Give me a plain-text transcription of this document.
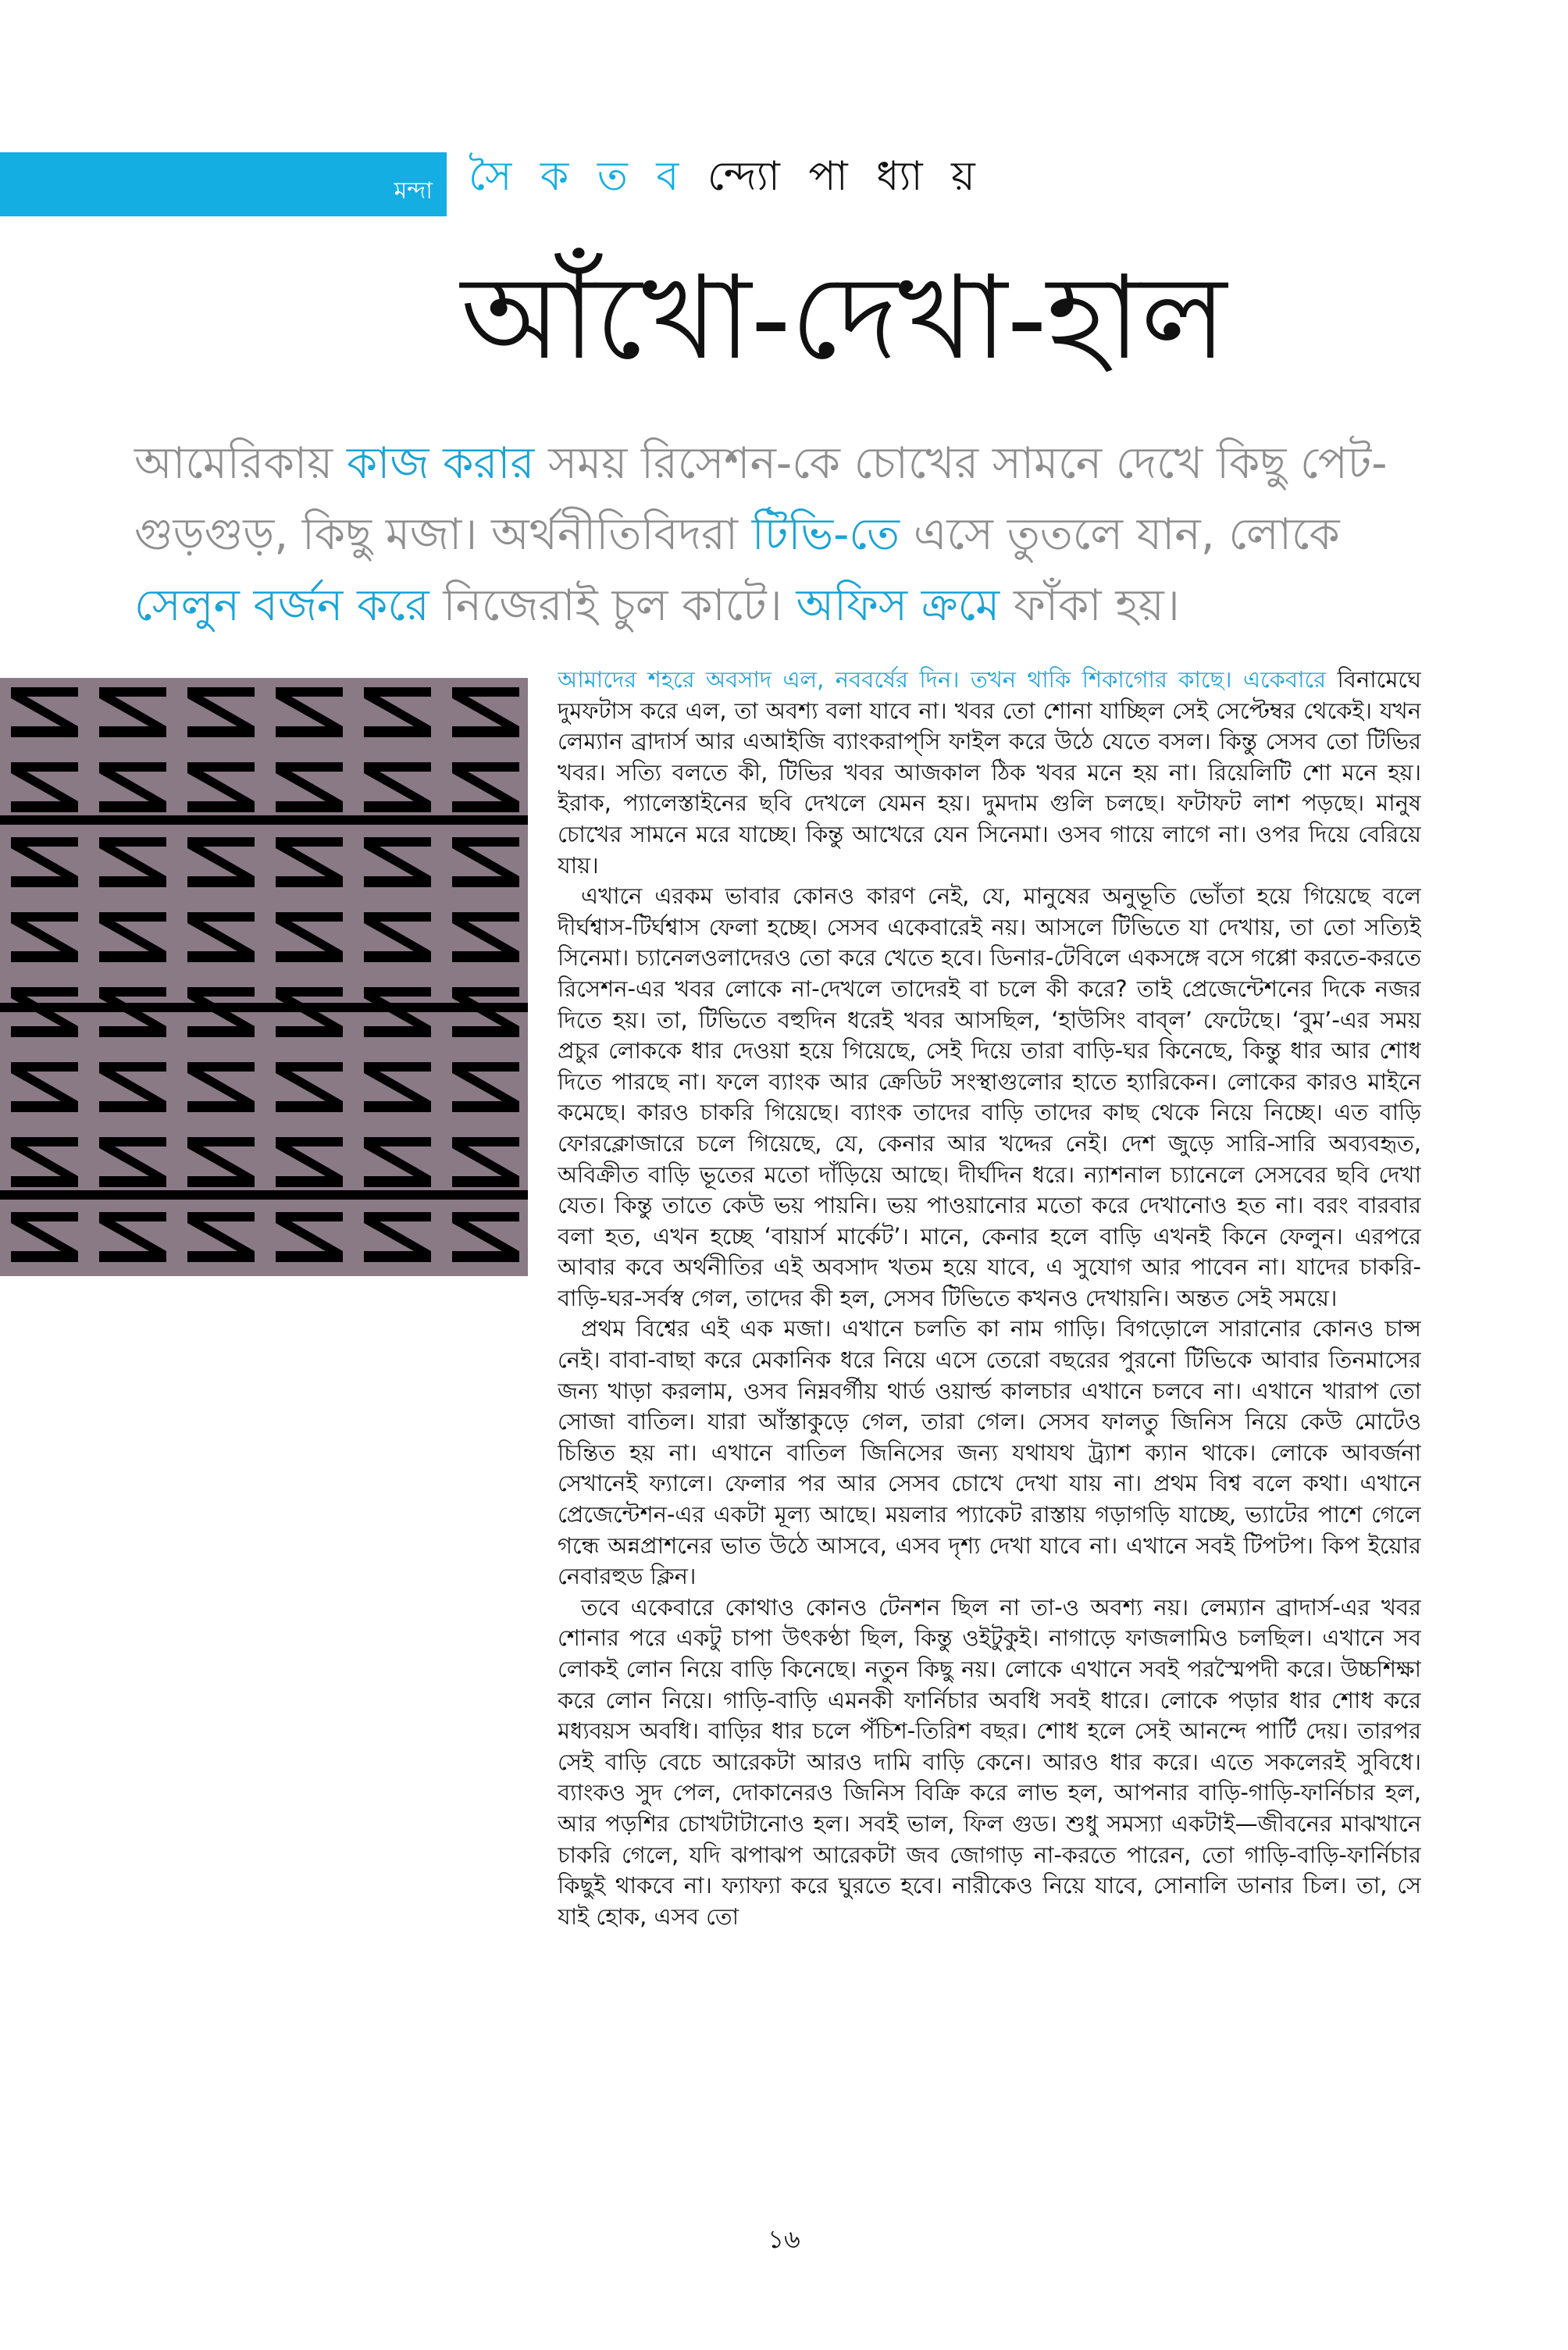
মন্দা সৈ ক ত ব ন্দ্যো পা ধ্যা য়
আঁখো-দেখা-হাল
আমেরিকায় কাজ করার সময় রিসেশন-কে চোখের সামনে দেখে কিছু পেট-গুড়গুড়, কিছু মজা। অর্থনীতিবিদরা টিভি-তে এসে তুতলে যান, লোকে সেলুন বর্জন করে নিজেরাই চুল কাটে। অফিস ক্রমে ফাঁকা হয়।

আমাদের শহরে অবসাদ এল, নববর্ষের দিন। তখন থাকি শিকাগোর কাছে। একেবারে বিনামেঘে দুমফটাস করে এল, তা অবশ্য বলা যাবে না। খবর তো শোনা যাচ্ছিল সেই সেপ্টেম্বর থেকেই। যখন লেম্যান ব্রাদার্স আর এআইজি ব্যাংকরাপ্‌সি ফাইল করে উঠে যেতে বসল। কিন্তু সেসব তো টিভির খবর। সত্যি বলতে কী, টিভির খবর আজকাল ঠিক খবর মনে হয় না। রিয়েলিটি শো মনে হয়। ইরাক, প্যালেস্তাইনের ছবি দেখলে যেমন হয়। দুমদাম গুলি চলছে। ফটাফট লাশ পড়ছে। মানুষ চোখের সামনে মরে যাচ্ছে। কিন্তু আখেরে যেন সিনেমা। ওসব গায়ে লাগে না। ওপর দিয়ে বেরিয়ে যায়।

এখানে এরকম ভাবার কোনও কারণ নেই, যে, মানুষের অনুভূতি ভোঁতা হয়ে গিয়েছে বলে দীর্ঘশ্বাস-টির্ঘশ্বাস ফেলা হচ্ছে। সেসব একেবারেই নয়। আসলে টিভিতে যা দেখায়, তা তো সত্যিই সিনেমা। চ্যানেলওলাদেরও তো করে খেতে হবে। ডিনার-টেবিলে একসঙ্গে বসে গপ্পো করতে-করতে রিসেশন-এর খবর লোকে না-দেখলে তাদেরই বা চলে কী করে? তাই প্রেজেন্টেশনের দিকে নজর দিতে হয়। তা, টিভিতে বহুদিন ধরেই খবর আসছিল, ‘হাউসিং বাব্‌ল’ ফেটেছে। ‘বুম’-এর সময় প্রচুর লোককে ধার দেওয়া হয়ে গিয়েছে, সেই দিয়ে তারা বাড়ি-ঘর কিনেছে, কিন্তু ধার আর শোধ দিতে পারছে না। ফলে ব্যাংক আর ক্রেডিট সংস্থাগুলোর হাতে হ্যারিকেন। লোকের কারও মাইনে কমেছে। কারও চাকরি গিয়েছে। ব্যাংক তাদের বাড়ি তাদের কাছ থেকে নিয়ে নিচ্ছে। এত বাড়ি ফোরক্লোজারে চলে গিয়েছে, যে, কেনার আর খদ্দের নেই। দেশ জুড়ে সারি-সারি অব্যবহৃত, অবিক্রীত বাড়ি ভূতের মতো দাঁড়িয়ে আছে। দীর্ঘদিন ধরে। ন্যাশনাল চ্যানেলে সেসবের ছবি দেখা যেত। কিন্তু তাতে কেউ ভয় পায়নি। ভয় পাওয়ানোর মতো করে দেখানোও হত না। বরং বারবার বলা হত, এখন হচ্ছে ‘বায়ার্স মার্কেট’। মানে, কেনার হলে বাড়ি এখনই কিনে ফেলুন। এরপরে আবার কবে অর্থনীতির এই অবসাদ খতম হয়ে যাবে, এ সুযোগ আর পাবেন না। যাদের চাকরি-বাড়ি-ঘর-সর্বস্ব গেল, তাদের কী হল, সেসব টিভিতে কখনও দেখায়নি। অন্তত সেই সময়ে।

প্রথম বিশ্বের এই এক মজা। এখানে চলতি কা নাম গাড়ি। বিগড়োলে সারানোর কোনও চান্স নেই। বাবা-বাছা করে মেকানিক ধরে নিয়ে এসে তেরো বছরের পুরনো টিভিকে আবার তিনমাসের জন্য খাড়া করলাম, ওসব নিম্নবর্গীয় থার্ড ওয়ার্ল্ড কালচার এখানে চলবে না। এখানে খারাপ তো সোজা বাতিল। যারা আঁস্তাকুড়ে গেল, তারা গেল। সেসব ফালতু জিনিস নিয়ে কেউ মোটেও চিন্তিত হয় না। এখানে বাতিল জিনিসের জন্য যথাযথ ট্র্যাশ ক্যান থাকে। লোকে আবর্জনা সেখানেই ফ্যালে। ফেলার পর আর সেসব চোখে দেখা যায় না। প্রথম বিশ্ব বলে কথা। এখানে প্রেজেন্টেশন-এর একটা মূল্য আছে। ময়লার প্যাকেট রাস্তায় গড়াগড়ি যাচ্ছে, ভ্যাটের পাশে গেলে গন্ধে অন্নপ্রাশনের ভাত উঠে আসবে, এসব দৃশ্য দেখা যাবে না। এখানে সবই টিপটপ। কিপ ইয়োর নেবারহুড ক্লিন।

তবে একেবারে কোথাও কোনও টেনশন ছিল না তা-ও অবশ্য নয়। লেম্যান ব্রাদার্স-এর খবর শোনার পরে একটু চাপা উৎকণ্ঠা ছিল, কিন্তু ওইটুকুই। নাগাড়ে ফাজলামিও চলছিল। এখানে সব লোকই লোন নিয়ে বাড়ি কিনেছে। নতুন কিছু নয়। লোকে এখানে সবই পরস্মৈপদী করে। উচ্চশিক্ষা করে লোন নিয়ে। গাড়ি-বাড়ি এমনকী ফার্নিচার অবধি সবই ধারে। লোকে পড়ার ধার শোধ করে মধ্যবয়স অবধি। বাড়ির ধার চলে পঁচিশ-তিরিশ বছর। শোধ হলে সেই আনন্দে পার্টি দেয়। তারপর সেই বাড়ি বেচে আরেকটা আরও দামি বাড়ি কেনে। আরও ধার করে। এতে সকলেরই সুবিধে। ব্যাংকও সুদ পেল, দোকানেরও জিনিস বিক্রি করে লাভ হল, আপনার বাড়ি-গাড়ি-ফার্নিচার হল, আর পড়শির চোখটাটানোও হল। সবই ভাল, ফিল গুড। শুধু সমস্যা একটাই—জীবনের মাঝখানে চাকরি গেলে, যদি ঝপাঝপ আরেকটা জব জোগাড় না-করতে পারেন, তো গাড়ি-বাড়ি-ফার্নিচার কিছুই থাকবে না। ফ্যাফ্যা করে ঘুরতে হবে। নারীকেও নিয়ে যাবে, সোনালি ডানার চিল। তা, সে যাই হোক, এসব তো

১৬
